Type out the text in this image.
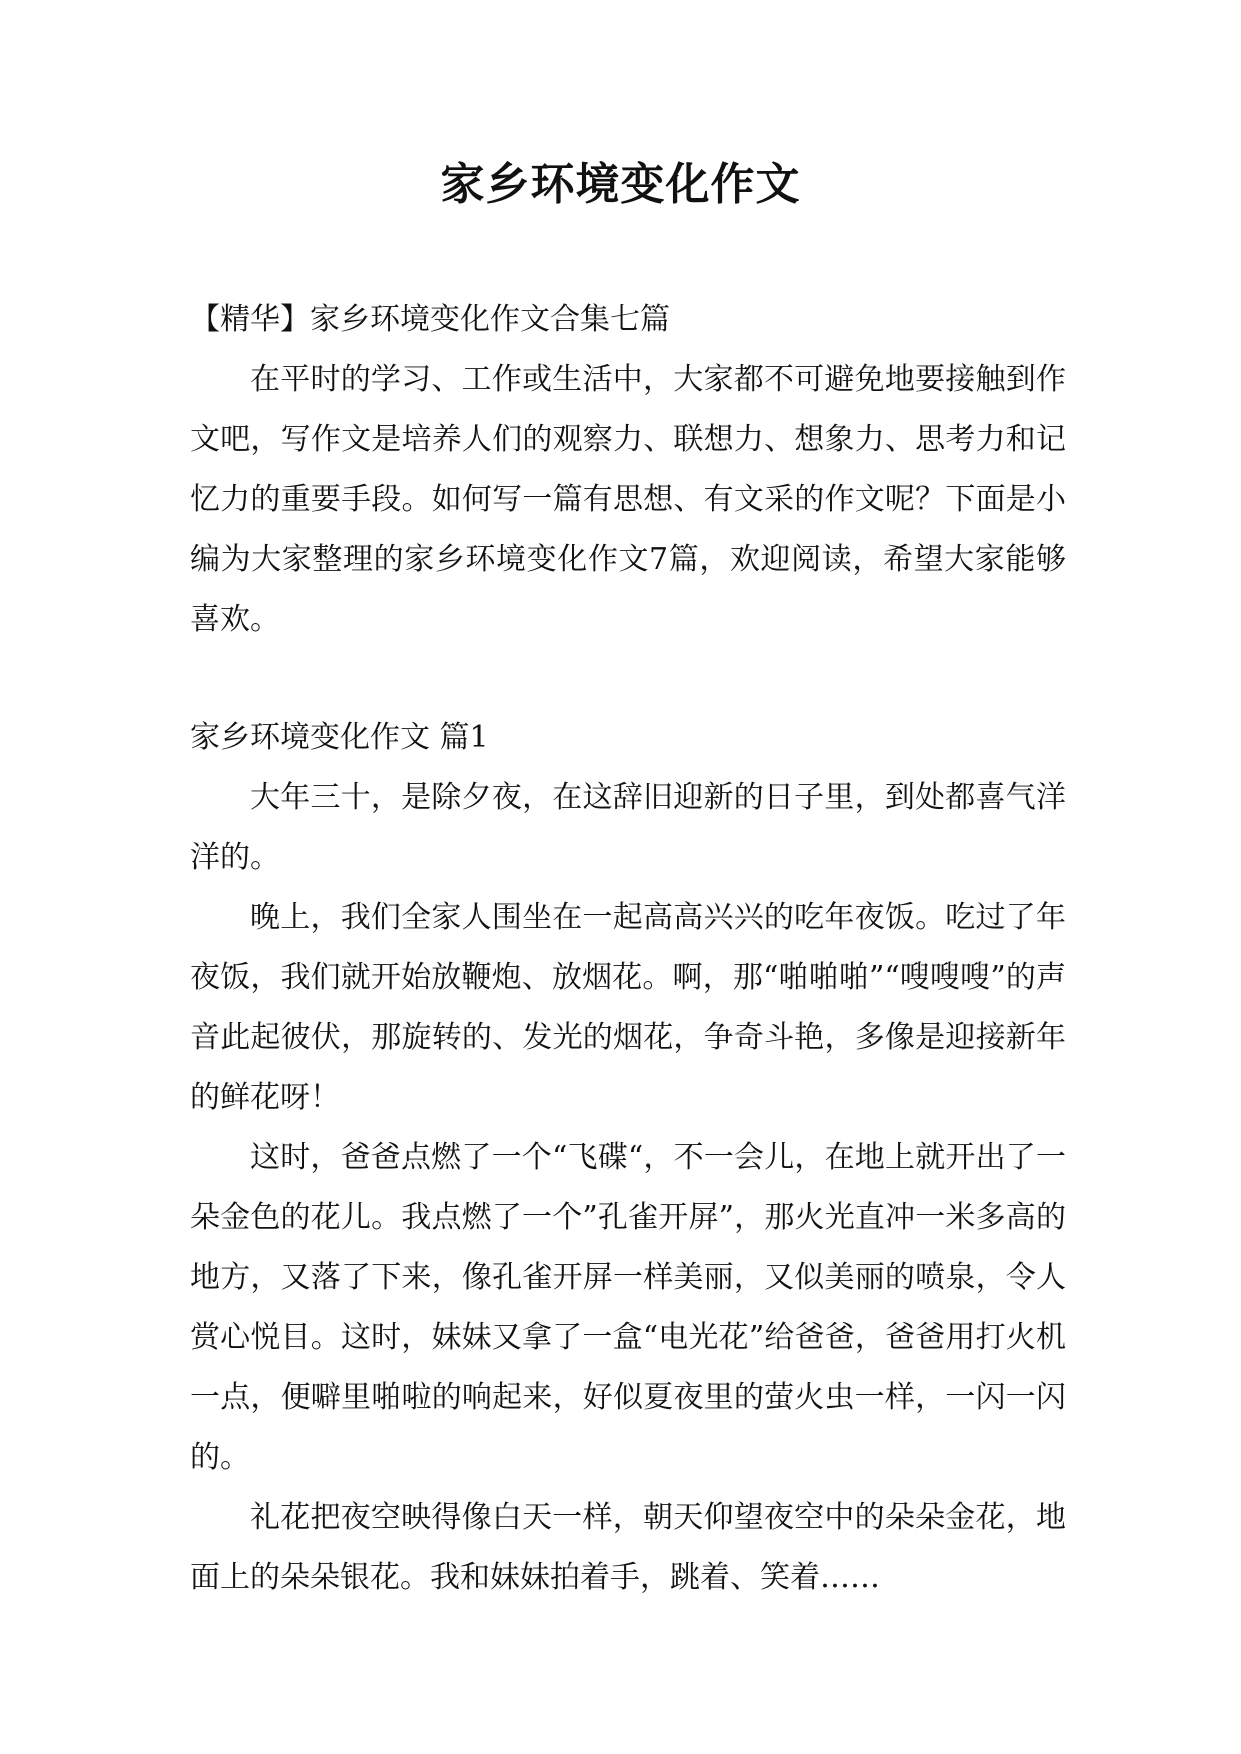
家乡环境变化作文

【精华】家乡环境变化作文合集七篇

在平时的学习、工作或生活中，大家都不可避免地要接触到作文吧，写作文是培养人们的观察力、联想力、想象力、思考力和记忆力的重要手段。如何写一篇有思想、有文采的作文呢？下面是小编为大家整理的家乡环境变化作文7篇，欢迎阅读，希望大家能够喜欢。

家乡环境变化作文 篇1

大年三十，是除夕夜，在这辞旧迎新的日子里，到处都喜气洋洋的。

晚上，我们全家人围坐在一起高高兴兴的吃年夜饭。吃过了年夜饭，我们就开始放鞭炮、放烟花。啊，那“啪啪啪”“嗖嗖嗖”的声音此起彼伏，那旋转的、发光的烟花，争奇斗艳，多像是迎接新年的鲜花呀！

这时，爸爸点燃了一个“飞碟“，不一会儿，在地上就开出了一朵金色的花儿。我点燃了一个”孔雀开屏”，那火光直冲一米多高的地方，又落了下来，像孔雀开屏一样美丽，又似美丽的喷泉，令人赏心悦目。这时，妹妹又拿了一盒“电光花”给爸爸，爸爸用打火机一点，便噼里啪啦的响起来，好似夏夜里的萤火虫一样，一闪一闪的。

礼花把夜空映得像白天一样，朝天仰望夜空中的朵朵金花，地面上的朵朵银花。我和妹妹拍着手，跳着、笑着……
